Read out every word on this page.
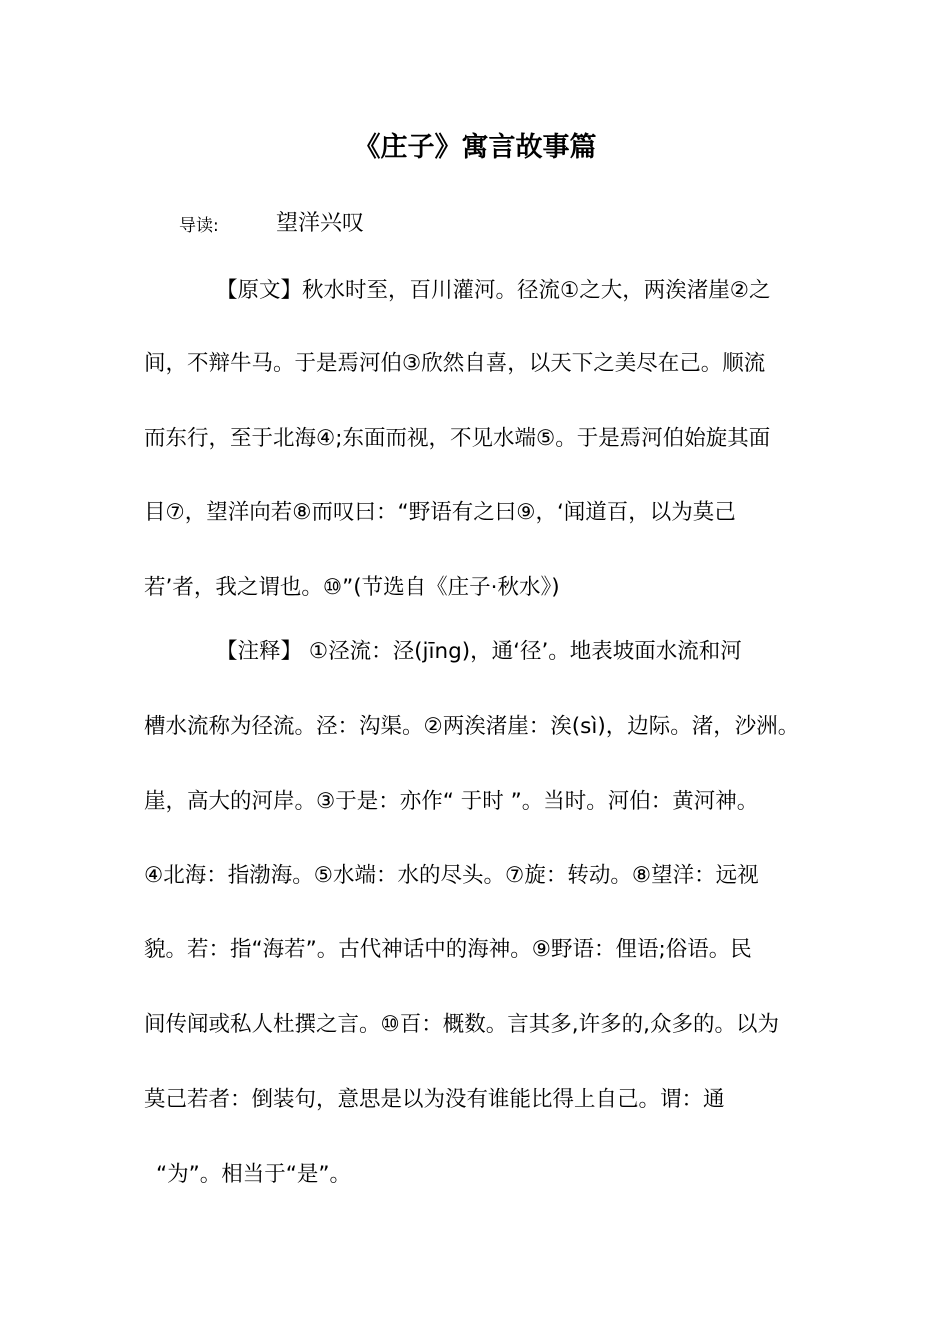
《庄子》寓言故事篇
导读:	望洋兴叹
【原文】秋水时至，百川灌河。径流①之大，两涘渚崖②之
间，不辩牛马。于是焉河伯③欣然自喜，以天下之美尽在己。顺流
而东行，至于北海④;东面而视，不见水端⑤。于是焉河伯始旋其面
目⑦，望洋向若⑧而叹曰：“野语有之曰⑨，‘闻道百，以为莫己
若’者，我之谓也。⑩”(节选自《庄子·秋水》)
【注释】 ①泾流：泾(jīng)，通‘径’。地表坡面水流和河
槽水流称为径流。泾：沟渠。②两涘渚崖：涘(sì)，边际。渚，沙洲。
崖，高大的河岸。③于是：亦作“ 于时 ”。当时。河伯：黄河神。
④北海：指渤海。⑤水端：水的尽头。⑦旋：转动。⑧望洋：远视
貌。若：指“海若”。古代神话中的海神。⑨野语：俚语;俗语。民
间传闻或私人杜撰之言。⑩百：概数。言其多,许多的,众多的。以为
莫己若者：倒装句，意思是以为没有谁能比得上自己。谓：通
“为”。相当于“是”。
